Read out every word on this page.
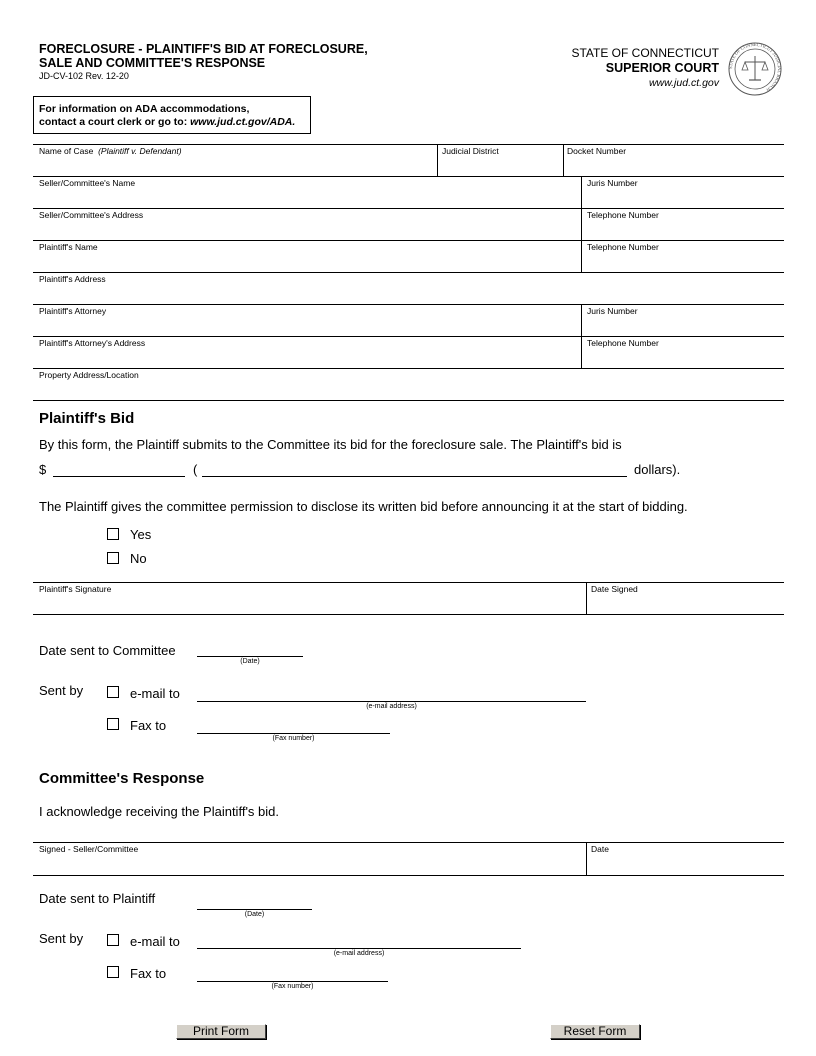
FORECLOSURE - PLAINTIFF'S BID AT FORECLOSURE,
SALE AND COMMITTEE'S RESPONSE
JD-CV-102 Rev. 12-20
STATE OF CONNECTICUT
SUPERIOR COURT
www.jud.ct.gov
STATE OF CONNECTICUT JUDICIAL BRANCH
For information on ADA accommodations,
contact a court clerk or go to: www.jud.ct.gov/ADA.
Name of Case (Plaintiff v. Defendant)	Judicial District	Docket Number
Seller/Committee's Name	Juris Number
Seller/Committee's Address	Telephone Number
Plaintiff's Name	Telephone Number
Plaintiff's Address
Plaintiff's Attorney	Juris Number
Plaintiff's Attorney's Address	Telephone Number
Property Address/Location
Plaintiff's Bid
By this form, the Plaintiff submits to the Committee its bid for the foreclosure sale. The Plaintiff's bid is
$	(	dollars).
The Plaintiff gives the committee permission to disclose its written bid before announcing it at the start of bidding.
Yes
No
Plaintiff's Signature	Date Signed
Date sent to Committee
(Date)
Sent by	e-mail to
(e-mail address)
Fax to
(Fax number)
Committee's Response
I acknowledge receiving the Plaintiff's bid.
Signed - Seller/Committee	Date
Date sent to Plaintiff
(Date)
Sent by	e-mail to
(e-mail address)
Fax to
(Fax number)
Print Form	Reset Form
